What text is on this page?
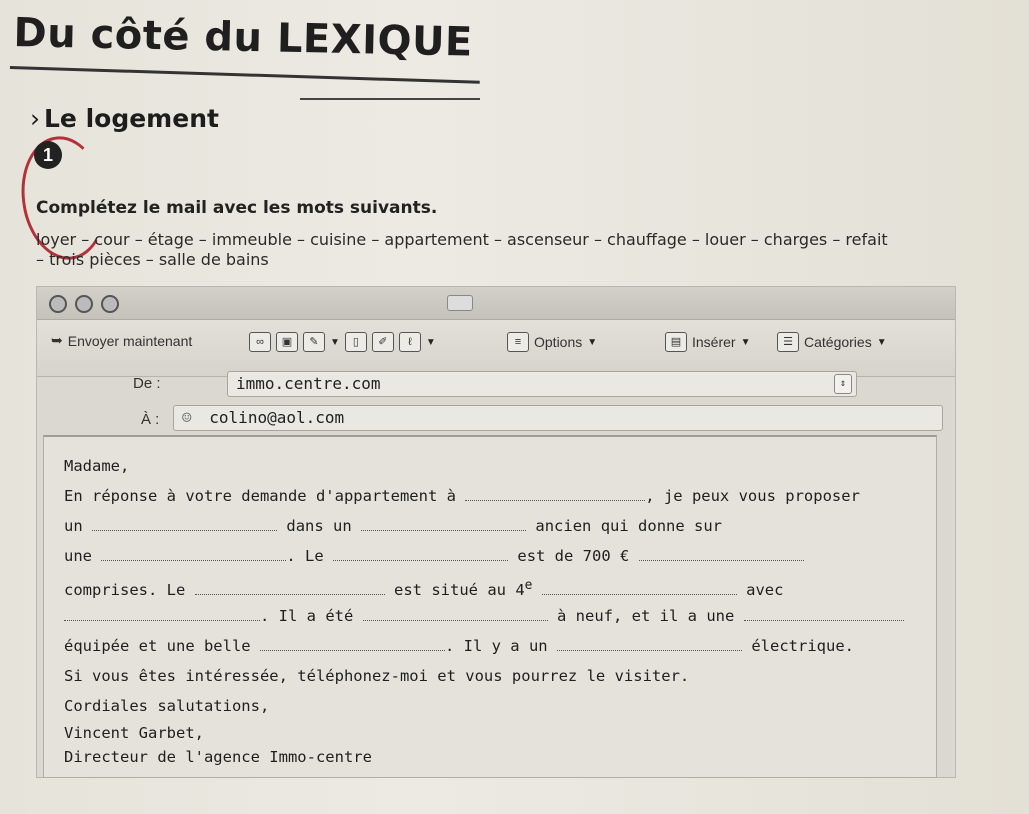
Du côté du LEXIQUE
› Le logement
1

Complétez le mail avec les mots suivants.

loyer – cour – étage – immeuble – cuisine – appartement – ascenseur – chauffage – louer – charges – refait – trois pièces – salle de bains
➥ Envoyer maintenant	∞	▣	✎	▼	▯	✐	ℓ	▼	≡ Options ▼	▤ Insérer ▼	☰ Catégories ▼
De :	immo.centre.com	⇕
À :	☺ colino@aol.com
Madame,
En réponse à votre demande d'appartement à	, je peux vous proposer
un	dans un	ancien qui donne sur
une	. Le	est de 700 €
comprises. Le	est situé au 4e	avec
. Il a été	à neuf, et il a une
équipée et une belle	. Il y a un	électrique.
Si vous êtes intéressée, téléphonez-moi et vous pourrez le visiter.
Cordiales salutations,
Vincent Garbet,
Directeur de l'agence Immo-centre
